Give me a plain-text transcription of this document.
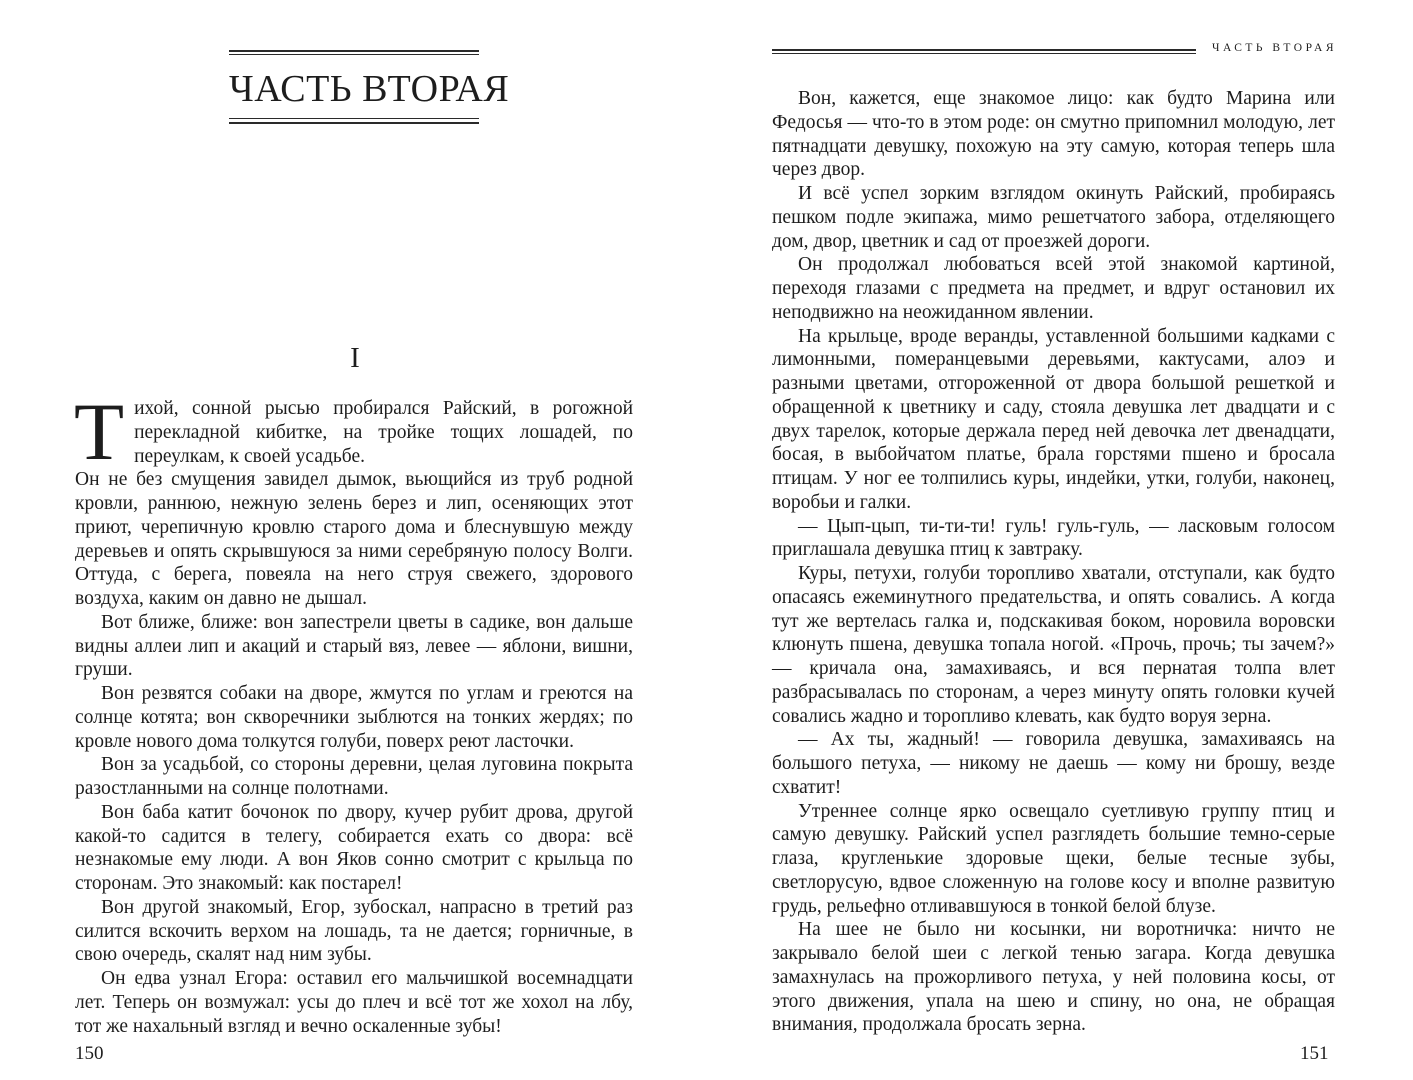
ЧАСТЬ ВТОРАЯ
I

Тихой, сонной рысью пробирался Райский, в рогожной перекладной кибитке, на тройке тощих лошадей, по переулкам, к своей усадьбе.

Он не без смущения завидел дымок, вьющийся из труб родной кровли, раннюю, нежную зелень берез и лип, осеняющих этот приют, черепичную кровлю старого дома и блеснувшую между деревьев и опять скрывшуюся за ними серебряную полосу Волги. Оттуда, с берега, повеяла на него струя свежего, здорового воздуха, каким он давно не дышал.

Вот ближе, ближе: вон запестрели цветы в садике, вон дальше видны аллеи лип и акаций и старый вяз, левее — яблони, вишни, груши.

Вон резвятся собаки на дворе, жмутся по углам и греются на солнце котята; вон скворечники зыблются на тонких жердях; по кровле нового дома толкутся голуби, поверх реют ласточки.

Вон за усадьбой, со стороны деревни, целая луговина покрыта разостланными на солнце полотнами.

Вон баба катит бочонок по двору, кучер рубит дрова, другой какой-то садится в телегу, собирается ехать со двора: всё незнакомые ему люди. А вон Яков сонно смотрит с крыльца по сторонам. Это знакомый: как постарел!

Вон другой знакомый, Егор, зубоскал, напрасно в третий раз силится вскочить верхом на лошадь, та не дается; горничные, в свою очередь, скалят над ним зубы.

Он едва узнал Егора: оставил его мальчишкой восемнадцати лет. Теперь он возмужал: усы до плеч и всё тот же хохол на лбу, тот же нахальный взгляд и вечно оскаленные зубы!

150
ЧАСТЬ ВТОРАЯ

Вон, кажется, еще знакомое лицо: как будто Марина или Федосья — что-то в этом роде: он смутно припомнил молодую, лет пятнадцати девушку, похожую на эту самую, которая теперь шла через двор.

И всё успел зорким взглядом окинуть Райский, пробираясь пешком подле экипажа, мимо решетчатого забора, отделяющего дом, двор, цветник и сад от проезжей дороги.

Он продолжал любоваться всей этой знакомой картиной, переходя глазами с предмета на предмет, и вдруг остановил их неподвижно на неожиданном явлении.

На крыльце, вроде веранды, уставленной большими кадками с лимонными, померанцевыми деревьями, кактусами, алоэ и разными цветами, отгороженной от двора большой решеткой и обращенной к цветнику и саду, стояла девушка лет двадцати и с двух тарелок, которые держала перед ней девочка лет двенадцати, босая, в выбойчатом платье, брала горстями пшено и бросала птицам. У ног ее толпились куры, индейки, утки, голуби, наконец, воробьи и галки.

— Цып-цып, ти-ти-ти! гуль! гуль-гуль, — ласковым голосом приглашала девушка птиц к завтраку.

Куры, петухи, голуби торопливо хватали, отступали, как будто опасаясь ежеминутного предательства, и опять совались. А когда тут же вертелась галка и, подскакивая боком, норовила воровски клюнуть пшена, девушка топала ногой. «Прочь, прочь; ты зачем?» — кричала она, замахиваясь, и вся пернатая толпа влет разбрасывалась по сторонам, а через минуту опять головки кучей совались жадно и торопливо клевать, как будто воруя зерна.

— Ах ты, жадный! — говорила девушка, замахиваясь на большого петуха, — никому не даешь — кому ни брошу, везде схватит!

Утреннее солнце ярко освещало суетливую группу птиц и самую девушку. Райский успел разглядеть большие темно-серые глаза, кругленькие здоровые щеки, белые тесные зубы, светлорусую, вдвое сложенную на голове косу и вполне развитую грудь, рельефно отливавшуюся в тонкой белой блузе.

На шее не было ни косынки, ни воротничка: ничто не закрывало белой шеи с легкой тенью загара. Когда девушка замахнулась на прожорливого петуха, у ней половина косы, от этого движения, упала на шею и спину, но она, не обращая внимания, продолжала бросать зерна.

151
